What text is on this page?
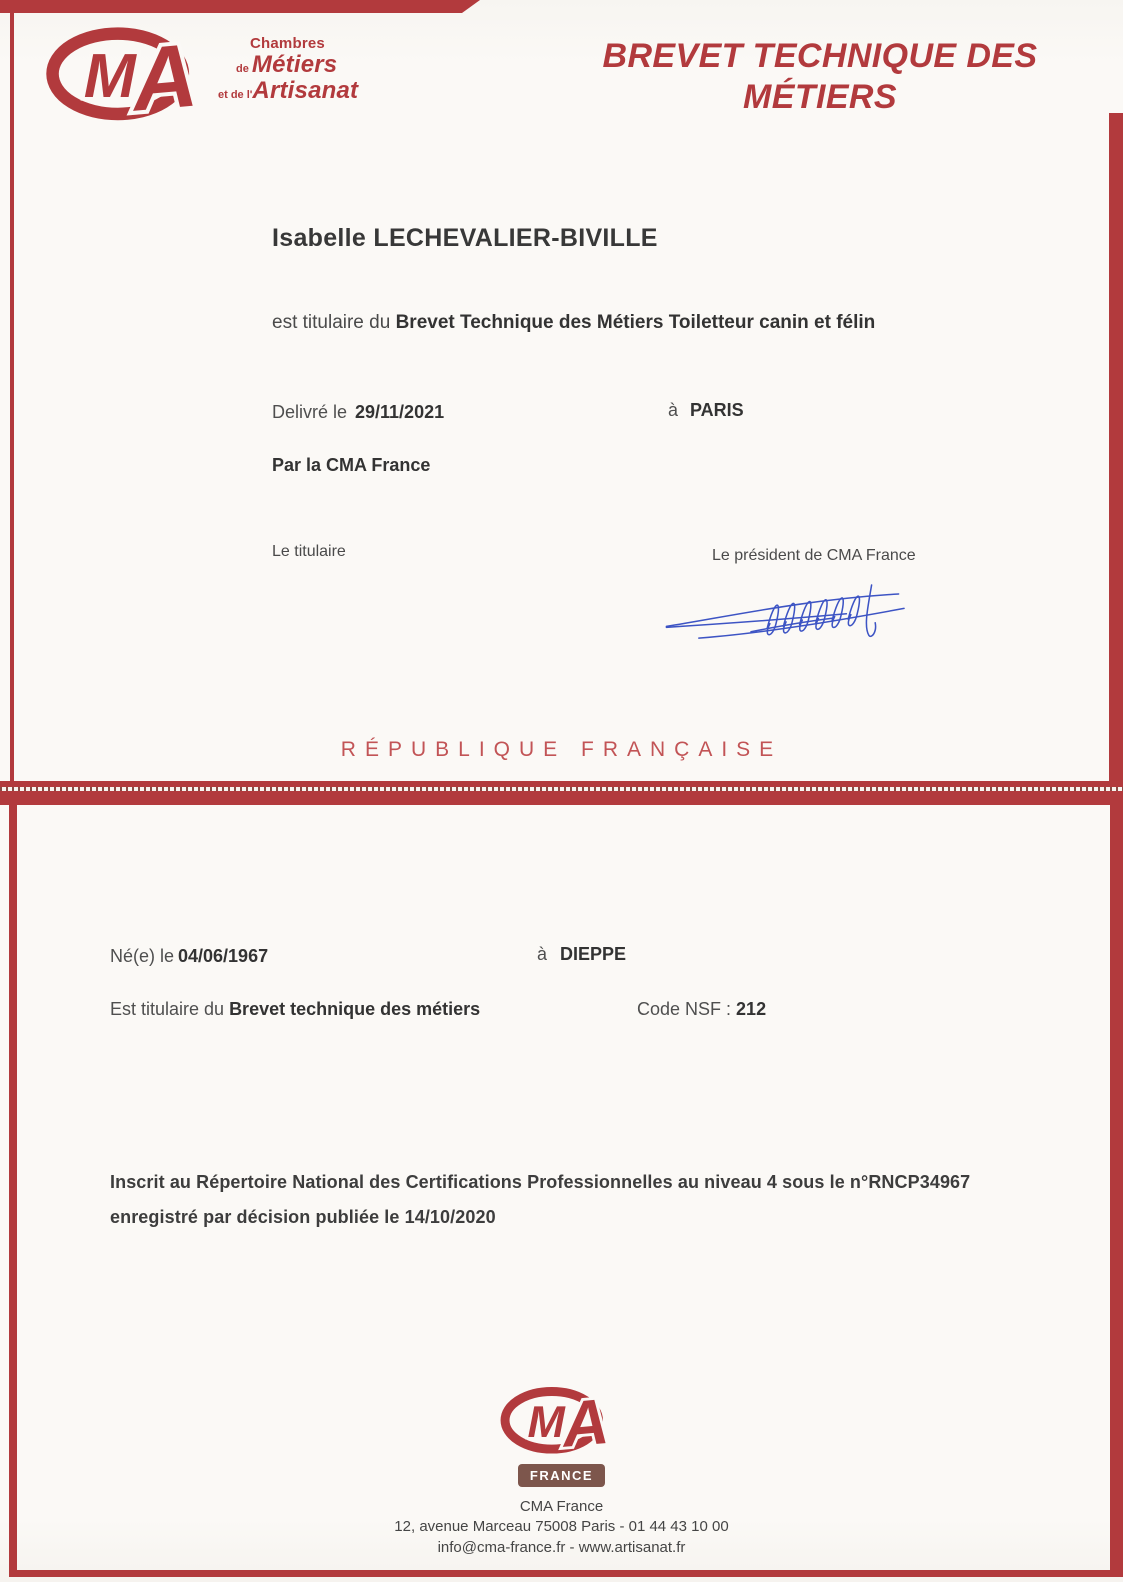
M
A	Chambres
de Métiers
et de l'Artisanat
BREVET TECHNIQUE DES
MÉTIERS
Isabelle LECHEVALIER-BIVILLE
est titulaire du Brevet Technique des Métiers Toiletteur canin et félin
Delivré le 29/11/2021	à PARIS
Par la CMA France
Le titulaire	Le président de CMA France
RÉPUBLIQUE FRANÇAISE
Né(e) le 04/06/1967	à DIEPPE
Est titulaire du Brevet technique des métiers	Code NSF : 212
Inscrit au Répertoire National des Certifications Professionnelles au niveau 4 sous le n°RNCP34967
enregistré par décision publiée le 14/10/2020
M
A
FRANCE
CMA France
12, avenue Marceau 75008 Paris - 01 44 43 10 00
info@cma-france.fr - www.artisanat.fr
